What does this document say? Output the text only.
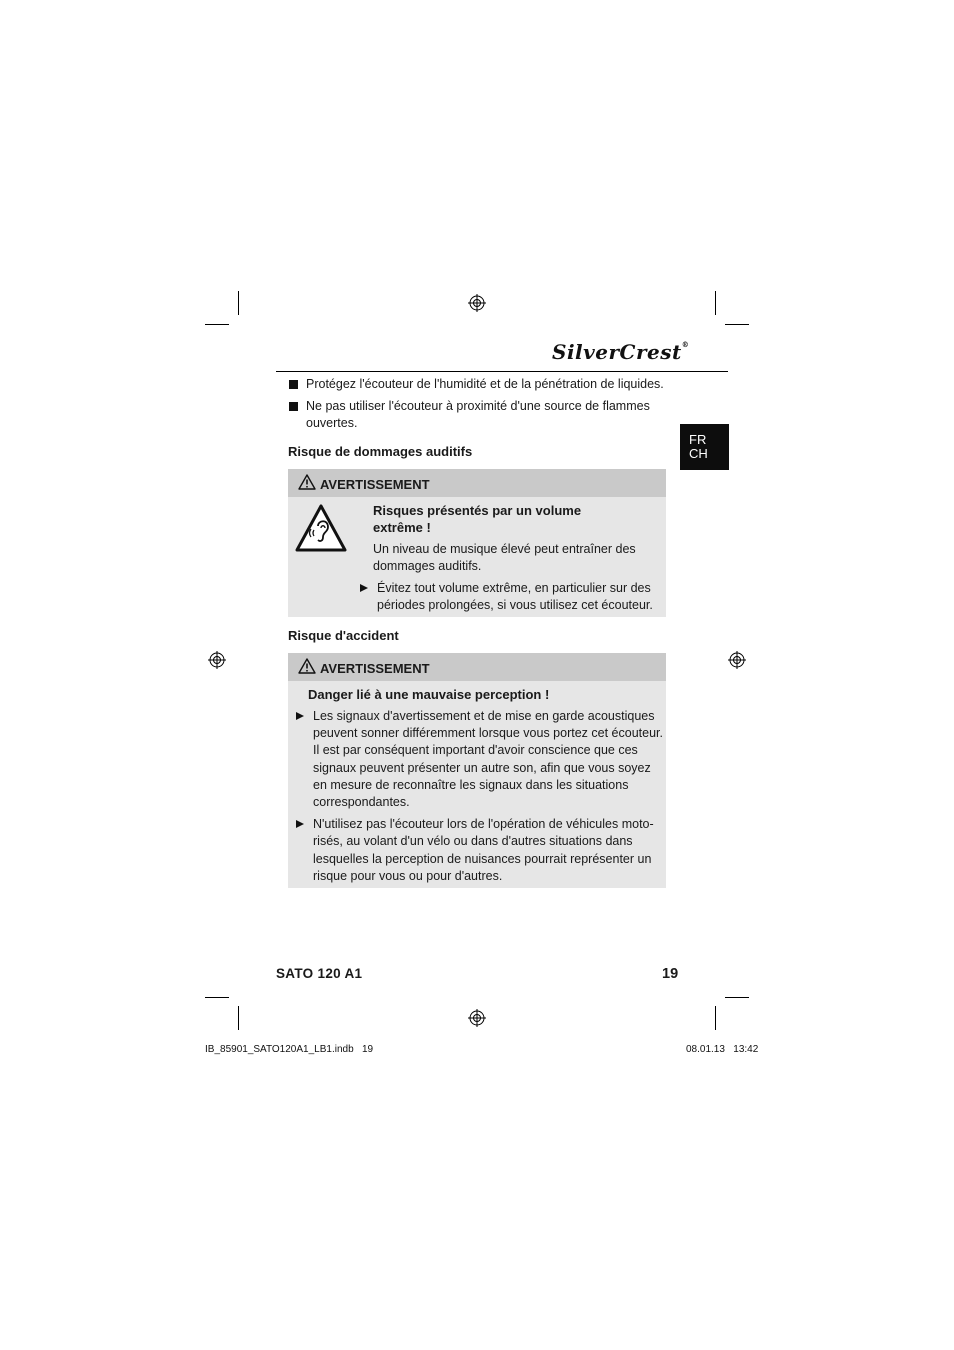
SilverCrest®
FR
CH
Protégez l'écouteur de l'humidité et de la pénétration de liquides.
Ne pas utiliser l'écouteur à proximité d'une source de flammes
ouvertes.
Risque de dommages auditifs
AVERTISSEMENT
Risques présentés par un volume
extrême !
Un niveau de musique élevé peut entraîner des
dommages auditifs.
Évitez tout volume extrême, en particulier sur des
périodes prolongées, si vous utilisez cet écouteur.
Risque d'accident
AVERTISSEMENT
Danger lié à une mauvaise perception !
Les signaux d'avertissement et de mise en garde acoustiques
peuvent sonner différemment lorsque vous portez cet écouteur.
Il est par conséquent important d'avoir conscience que ces
signaux peuvent présenter un autre son, afin que vous soyez
en mesure de reconnaître les signaux dans les situations
correspondantes.
N'utilisez pas l'écouteur lors de l'opération de véhicules moto-
risés, au volant d'un vélo ou dans d'autres situations dans
lesquelles la perception de nuisances pourrait représenter un
risque pour vous ou pour d'autres.
SATO 120 A1	19
IB_85901_SATO120A1_LB1.indb   19	08.01.13   13:42
